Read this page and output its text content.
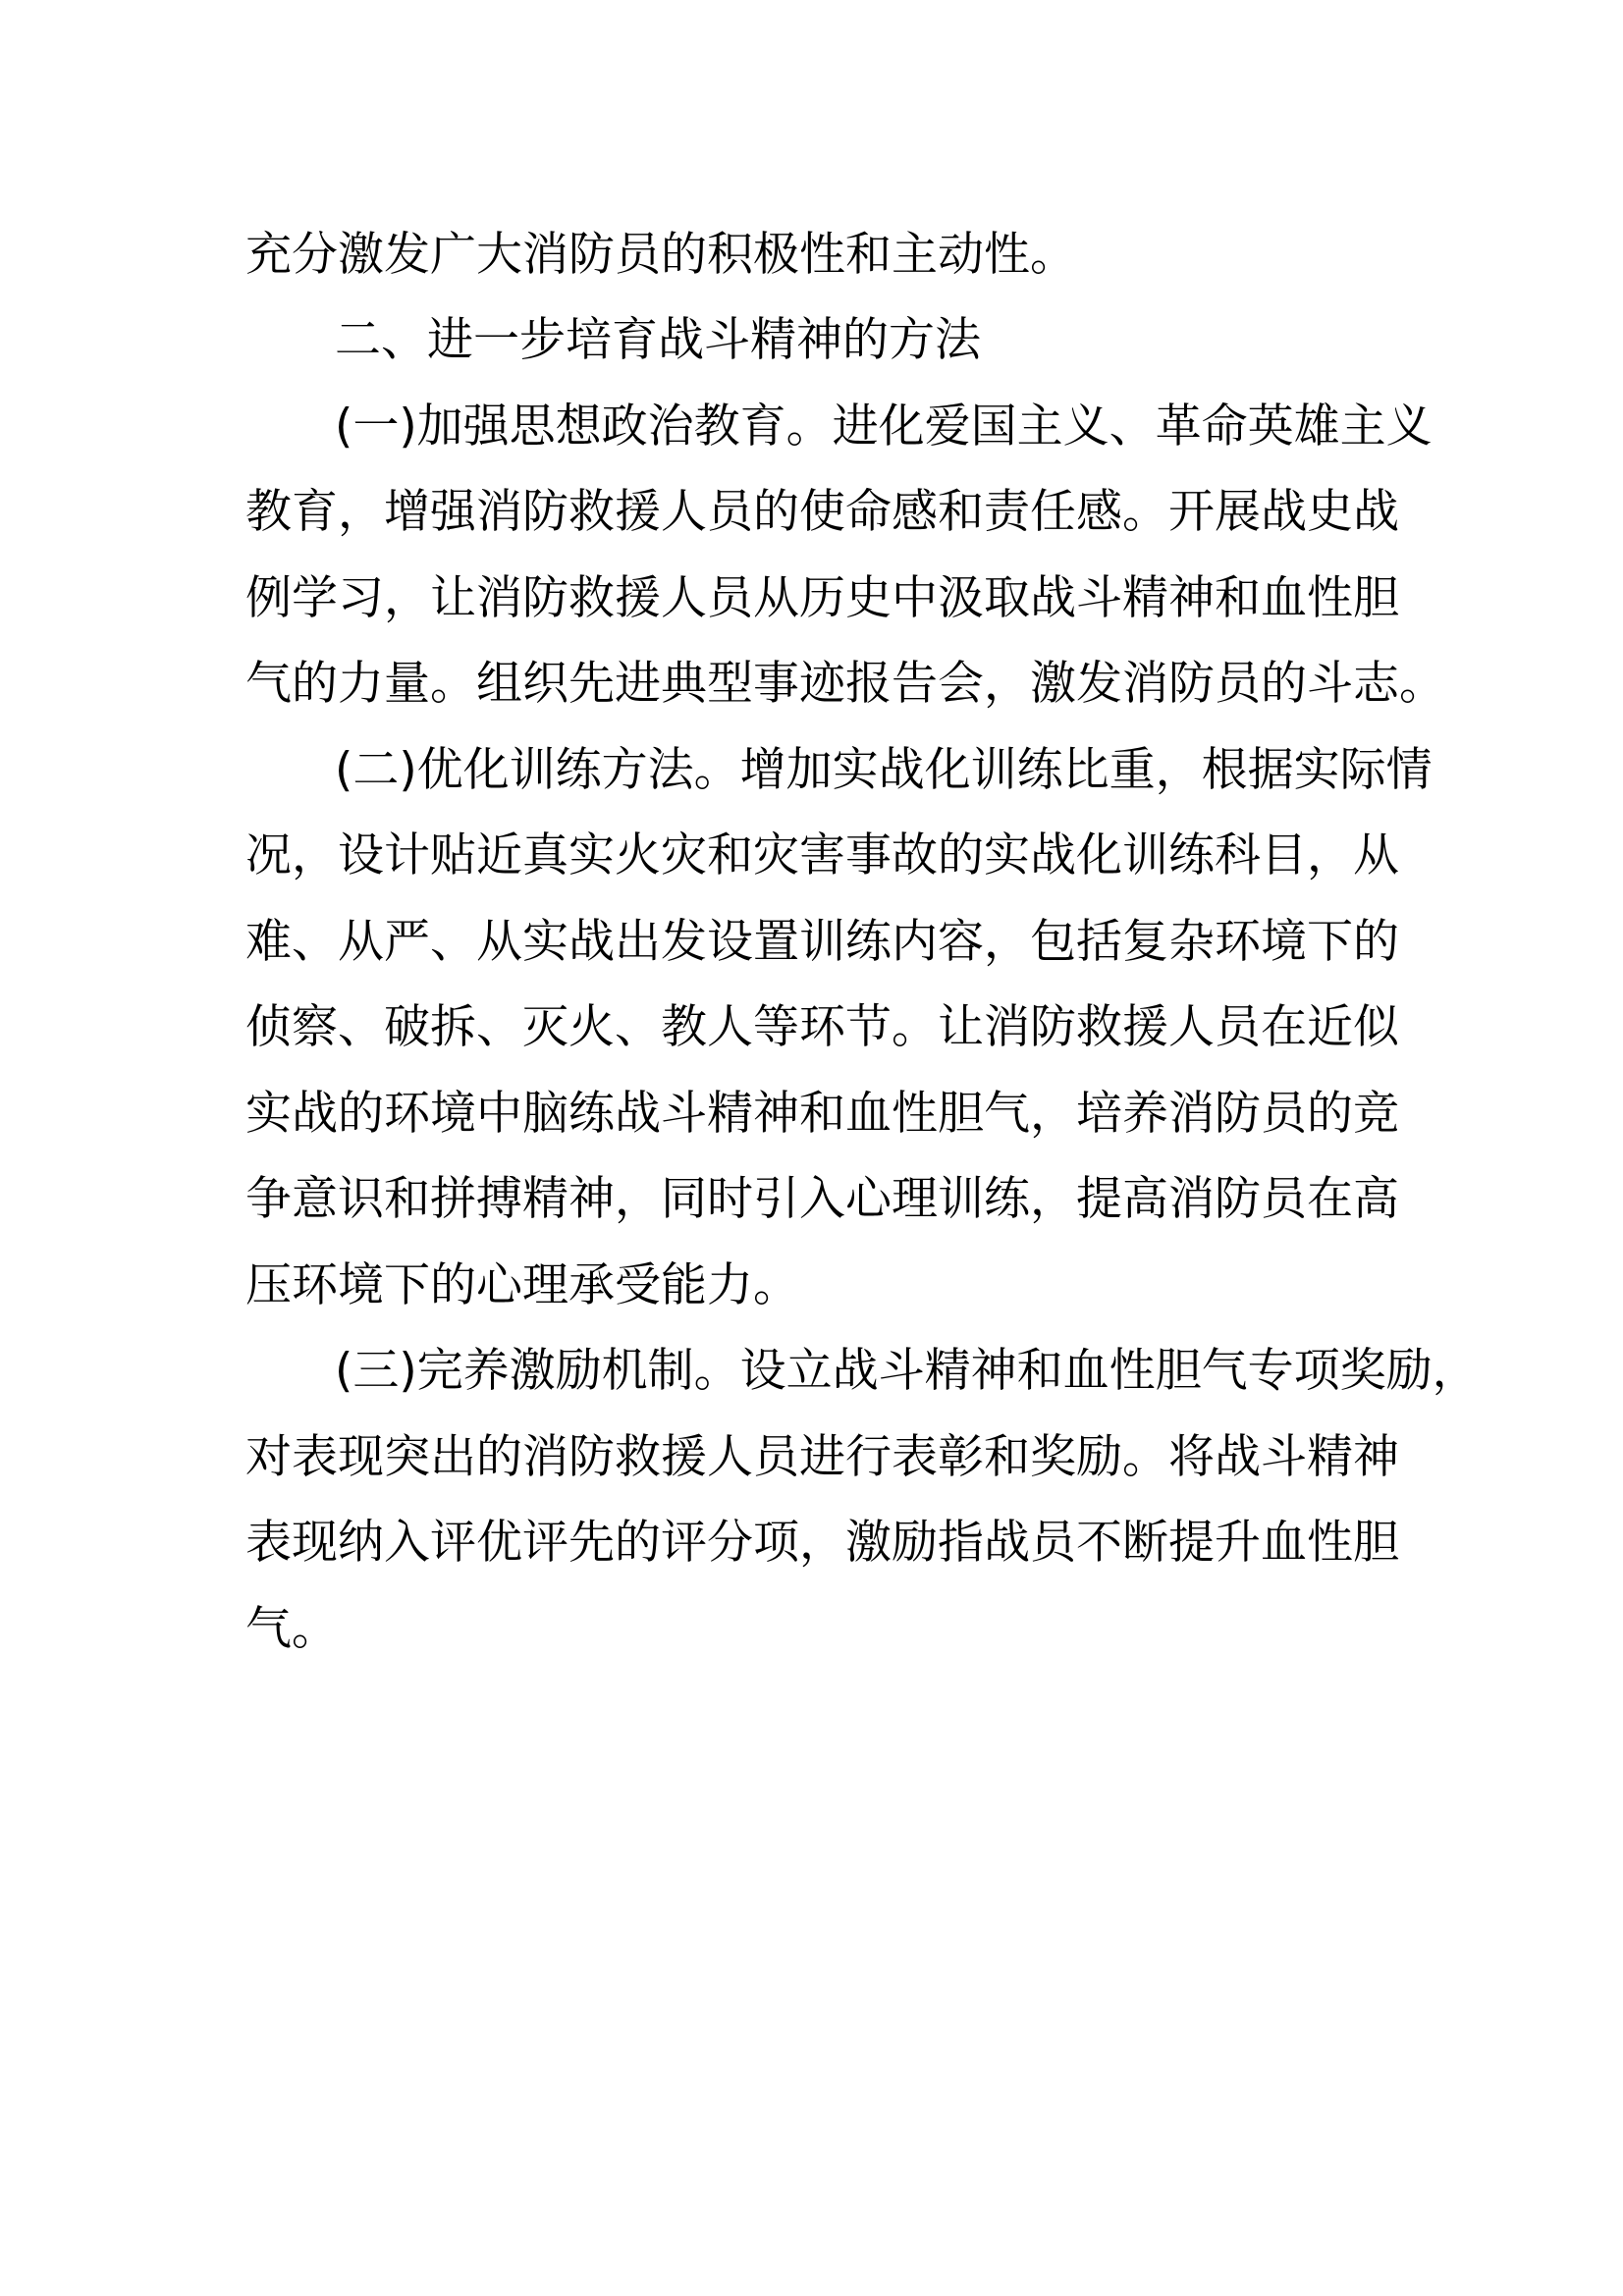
充分激发广大消防员的积极性和主动性。

二、进一步培育战斗精神的方法

(一)加强思想政治教育。进化爱国主义、革命英雄主义

教育，增强消防救援人员的使命感和责任感。开展战史战

例学习，让消防救援人员从历史中汲取战斗精神和血性胆

气的力量。组织先进典型事迹报告会，激发消防员的斗志。

(二)优化训练方法。增加实战化训练比重，根据实际情

况，设计贴近真实火灾和灾害事故的实战化训练科目，从

难、从严、从实战出发设置训练内容，包括复杂环境下的

侦察、破拆、灭火、教人等环节。让消防救援人员在近似

实战的环境中脑练战斗精神和血性胆气，培养消防员的竞

争意识和拼搏精神，同时引入心理训练，提高消防员在高

压环境下的心理承受能力。

(三)完养激励机制。设立战斗精神和血性胆气专项奖励，

对表现突出的消防救援人员进行表彰和奖励。将战斗精神

表现纳入评优评先的评分项，激励指战员不断提升血性胆

气。
